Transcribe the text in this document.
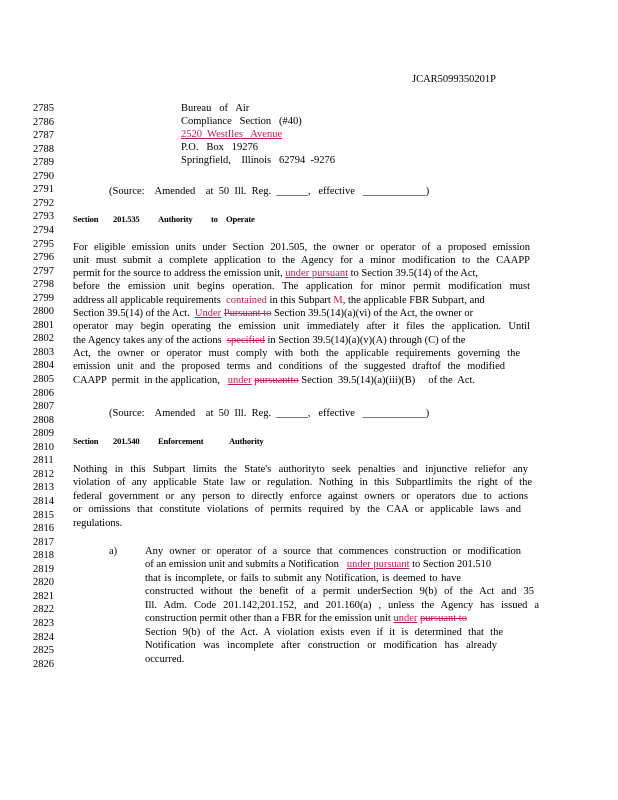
JCAR5099350201P
2785
2786
2787
2788
2789
2790
2791
2792
2793
2794
2795
2796
2797
2798
2799
2800
2801
2802
2803
2804
2805
2806
2807
2808
2809
2810
2811
2812
2813
2814
2815
2816
2817
2818
2819
2820
2821
2822
2823
2824
2825
2826
Bureau   of   Air
Compliance   Section   (#40)
2520  WestIles   Avenue
P.O.   Box   19276
Springfield,    Illinois   62794  -9276
(Source:    Amended    at  50  Ill.  Reg.  ______,   effective   ____________)
Section 201.535 Authority to Operate
For eligible emission units under Section 201.505, the owner or operator of a proposed emission
unit must submit a complete application to the Agency for a minor modification to the CAAPP
permit for the source to address the emission unit, under pursuant to Section 39.5(14) of the Act,
before the emission unit begins operation. The application for minor permit modification must
address all applicable requirements contained in this Subpart M, the applicable FBR Subpart, and
Section 39.5(14) of the Act. Under Pursuant to Section 39.5(14)(a)(vi) of the Act, the owner or
operator may begin operating the emission unit immediately after it files the application. Until
the Agency takes any of the actions specified in Section 39.5(14)(a)(v)(A) through (C) of the
Act, the owner or operator must comply with both the applicable requirements governing the
emission unit and the proposed terms and conditions of the suggested draftof the modified
CAAPP  permit  in the application, under pursuantto Section  39.5(14)(a)(iii)(B)     of the  Act.
(Source:    Amended    at  50  Ill.  Reg.  ______,   effective   ____________)
Section 201.540 Enforcement	Authority
Nothing in this Subpart limits the State's authorityto seek penalties and injunctive reliefor any
violation of any applicable State law or regulation. Nothing in this Subpartlimits the right of the
federal government or any person to directly enforce against owners or operators due to actions
or omissions that constitute violations of permits required by the CAA or applicable laws and
regulations.
a)	Any owner or operator of a source that commences construction or modification
of an emission unit and submits a Notification under pursuant to Section 201.510
that is incomplete, or fails to submit any Notification, is deemed to have
constructed without the benefit of a permit underSection 9(b) of the Act and 35
Ill. Adm. Code 201.142,201.152, and 201.160(a) , unless the Agency has issued a
construction permit other than a FBR for the emission unit under pursuant to
Section 9(b) of the Act. A violation exists even if it is determined that the
Notification was incomplete after construction or modification has already
occurred.
